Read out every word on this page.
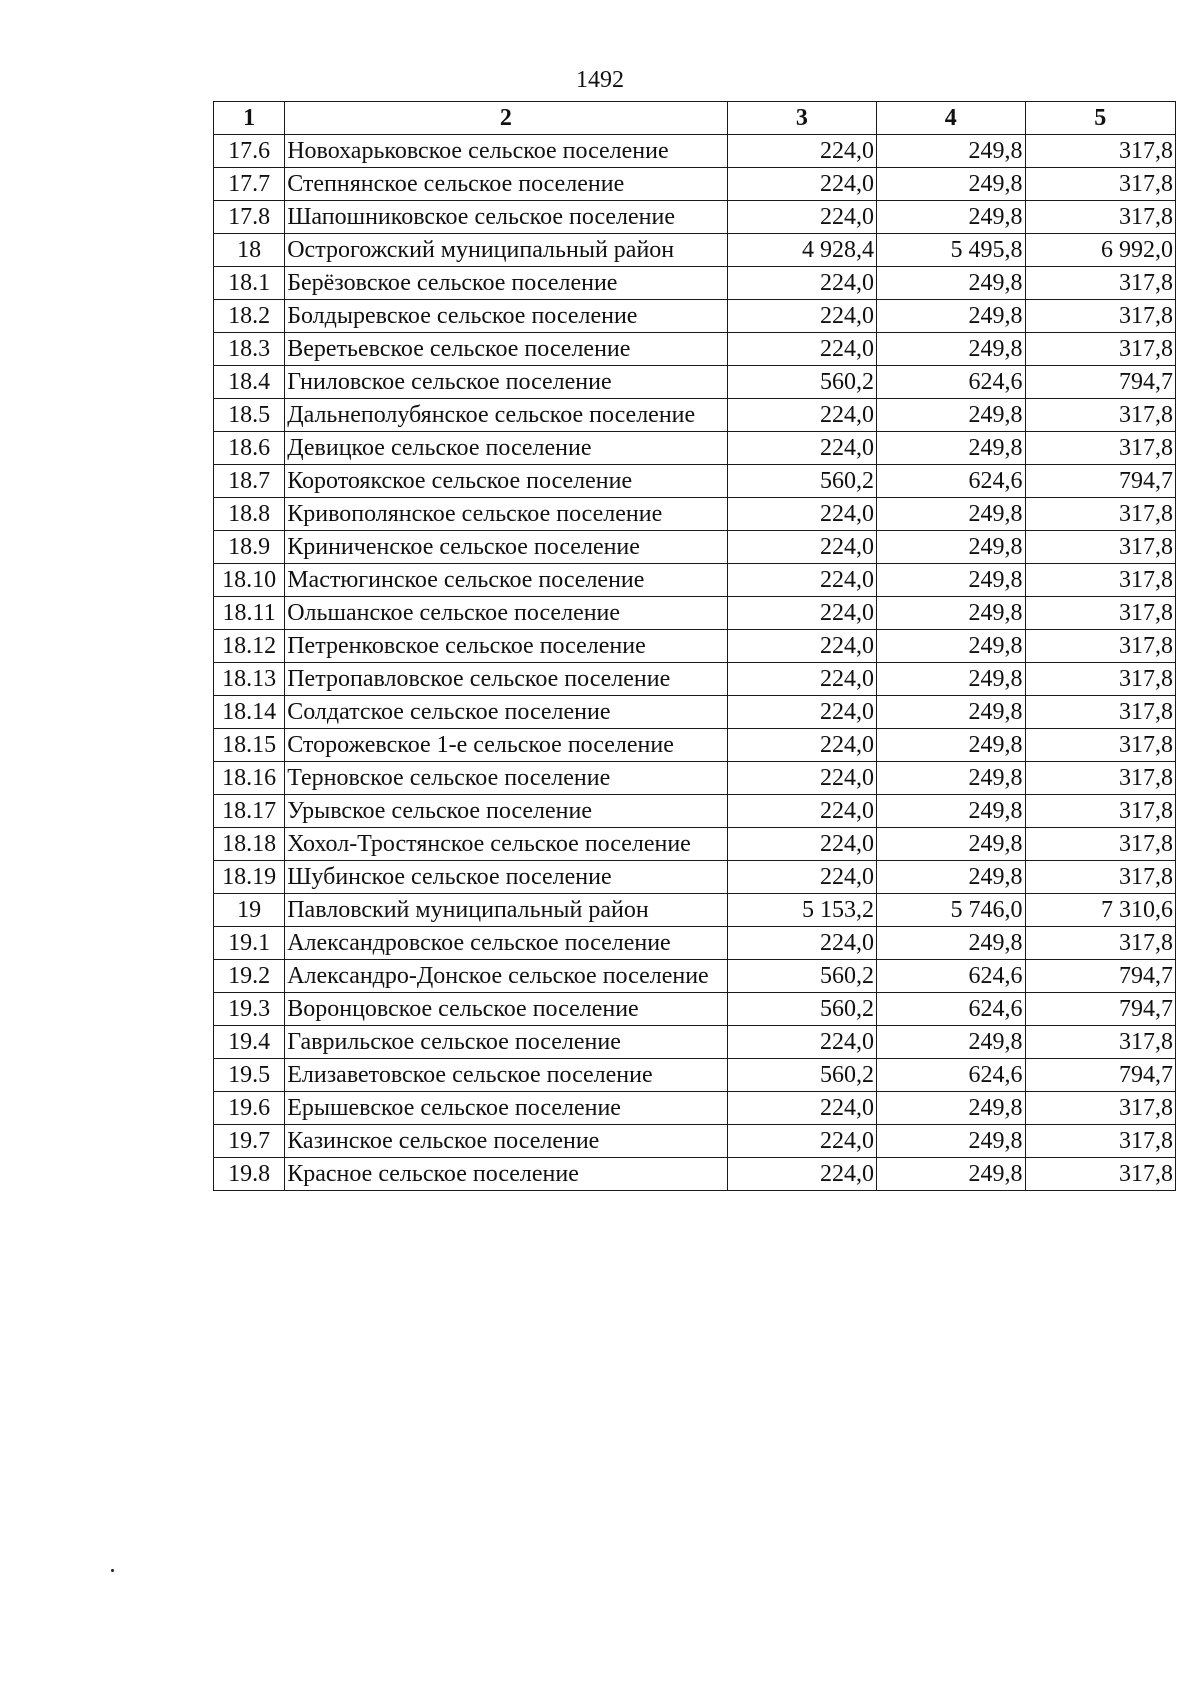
1492
1	2	3	4	5
17.6	Новохарьковское сельское поселение	224,0	249,8	317,8
17.7	Степнянское сельское поселение	224,0	249,8	317,8
17.8	Шапошниковское сельское поселение	224,0	249,8	317,8
18	Острогожский муниципальный район	4 928,4	5 495,8	6 992,0
18.1	Берёзовское сельское поселение	224,0	249,8	317,8
18.2	Болдыревское сельское поселение	224,0	249,8	317,8
18.3	Веретьевское сельское поселение	224,0	249,8	317,8
18.4	Гниловское сельское поселение	560,2	624,6	794,7
18.5	Дальнеполубянское сельское поселение	224,0	249,8	317,8
18.6	Девицкое сельское поселение	224,0	249,8	317,8
18.7	Коротоякское сельское поселение	560,2	624,6	794,7
18.8	Кривополянское сельское поселение	224,0	249,8	317,8
18.9	Криниченское сельское поселение	224,0	249,8	317,8
18.10	Мастюгинское сельское поселение	224,0	249,8	317,8
18.11	Ольшанское сельское поселение	224,0	249,8	317,8
18.12	Петренковское сельское поселение	224,0	249,8	317,8
18.13	Петропавловское сельское поселение	224,0	249,8	317,8
18.14	Солдатское сельское поселение	224,0	249,8	317,8
18.15	Сторожевское 1-е сельское поселение	224,0	249,8	317,8
18.16	Терновское сельское поселение	224,0	249,8	317,8
18.17	Урывское сельское поселение	224,0	249,8	317,8
18.18	Хохол-Тростянское сельское поселение	224,0	249,8	317,8
18.19	Шубинское сельское поселение	224,0	249,8	317,8
19	Павловский муниципальный район	5 153,2	5 746,0	7 310,6
19.1	Александровское сельское поселение	224,0	249,8	317,8
19.2	Александро-Донское сельское поселение	560,2	624,6	794,7
19.3	Воронцовское сельское поселение	560,2	624,6	794,7
19.4	Гаврильское сельское поселение	224,0	249,8	317,8
19.5	Елизаветовское сельское поселение	560,2	624,6	794,7
19.6	Ерышевское сельское поселение	224,0	249,8	317,8
19.7	Казинское сельское поселение	224,0	249,8	317,8
19.8	Красное сельское поселение	224,0	249,8	317,8
